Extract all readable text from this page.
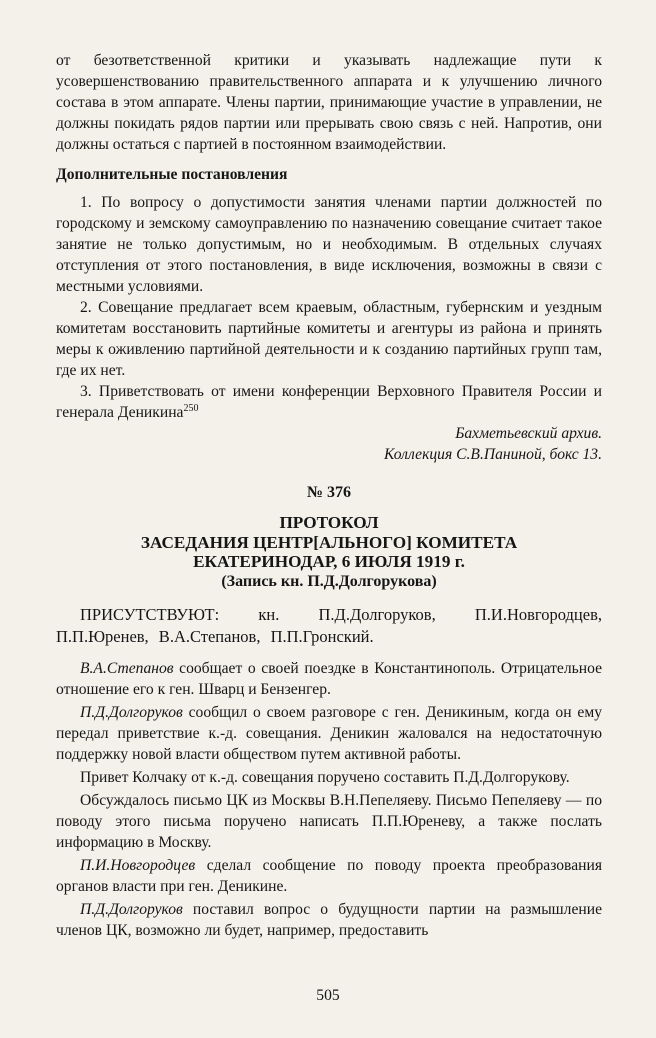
от безответственной критики и указывать надлежащие пути к усовершенствованию правительственного аппарата и к улучшению личного состава в этом аппарате. Члены партии, принимающие участие в управлении, не должны покидать рядов партии или прерывать свою связь с ней. Напротив, они должны остаться с партией в постоянном взаимодействии.

Дополнительные постановления

1. По вопросу о допустимости занятия членами партии должностей по городскому и земскому самоуправлению по назначению совещание считает такое занятие не только допустимым, но и необходимым. В отдельных случаях отступления от этого постановления, в виде исключения, возможны в связи с местными условиями.

2. Совещание предлагает всем краевым, областным, губернским и уездным комитетам восстановить партийные комитеты и агентуры из района и принять меры к оживлению партийной деятельности и к созданию партийных групп там, где их нет.

3. Приветствовать от имени конференции Верховного Правителя России и генерала Деникина$^{250}$

Бахметьевский архив.

Коллекция С.В.Паниной, бокс 13.

№ 376

ПРОТОКОЛ

ЗАСЕДАНИЯ ЦЕНТР[АЛЬНОГО] КОМИТЕТА

ЕКАТЕРИНОДАР, 6 ИЮЛЯ 1919 г.

(Запись кн. П.Д.Долгорукова)

ПРИСУТСТВУЮТ: кн. П.Д.Долгоруков, П.И.Новгородцев, П.П.Юренев, В.А.Степанов, П.П.Гронский.

В.А.Степанов сообщает о своей поездке в Константинополь. Отрицательное отношение его к ген. Шварц и Бензенгер.

П.Д.Долгоруков сообщил о своем разговоре с ген. Деникиным, когда он ему передал приветствие к.-д. совещания. Деникин жаловался на недостаточную поддержку новой власти обществом путем активной работы.

Привет Колчаку от к.-д. совещания поручено составить П.Д.Долгорукову.

Обсуждалось письмо ЦК из Москвы В.Н.Пепеляеву. Письмо Пепеляеву — по поводу этого письма поручено написать П.П.Юреневу, а также послать информацию в Москву.

П.И.Новгородцев сделал сообщение по поводу проекта преобразования органов власти при ген. Деникине.

П.Д.Долгоруков поставил вопрос о будущности партии на размышление членов ЦК, возможно ли будет, например, предоставить

505
